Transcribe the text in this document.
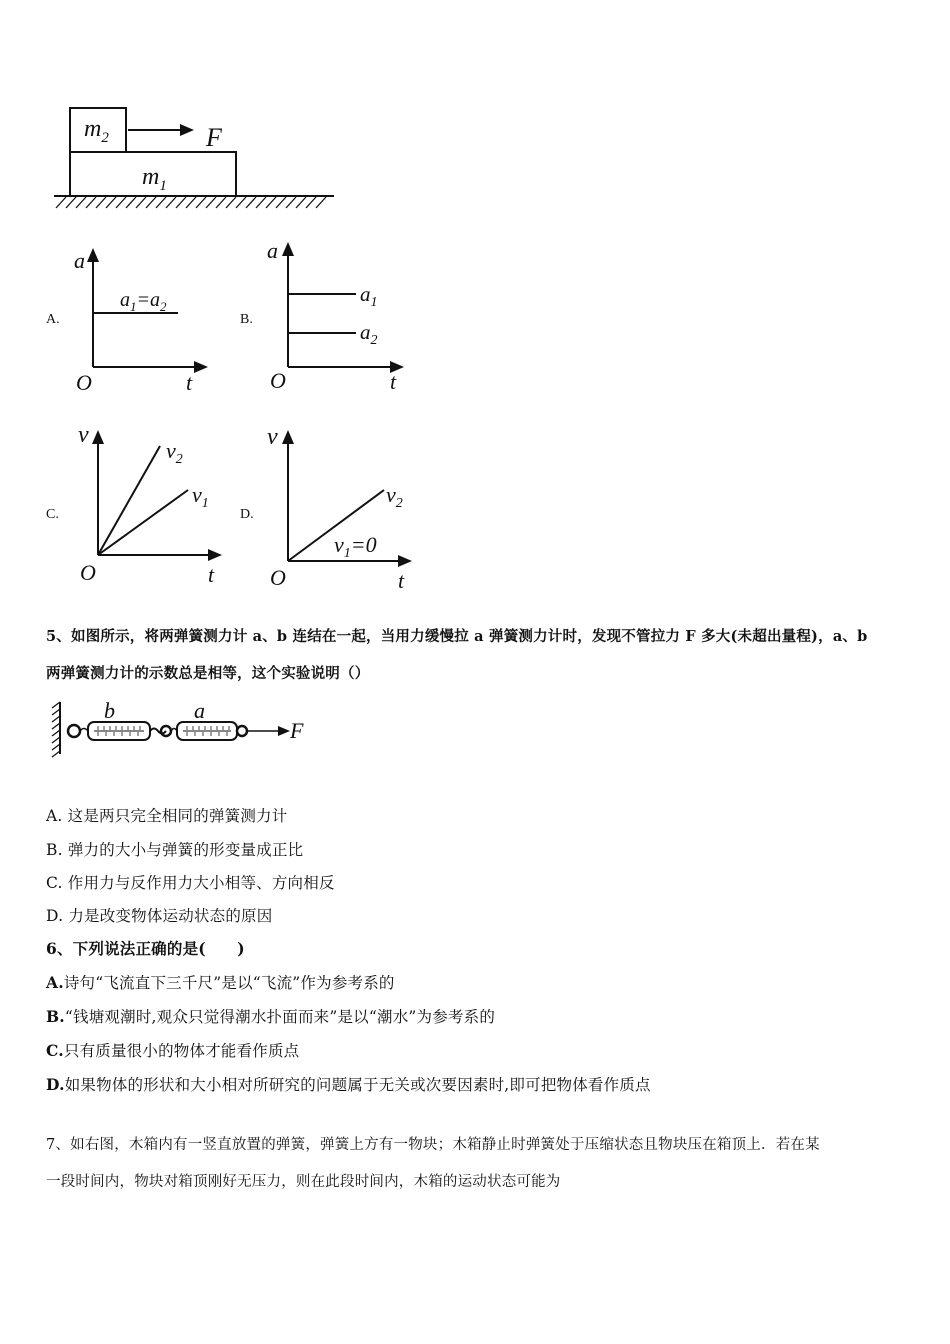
$m_2$
$m_1$
F
A.	B.
C.	D.
a
t
O
$a_1=a_2$
a
t
O
$a_1$
$a_2$
v
t
O
$v_2$
$v_1$
v
t
O
$v_2$
$v_1=0$
5、如图所示，将两弹簧测力计 a、b 连结在一起，当用力缓慢拉 a 弹簧测力计时，发现不管拉力 F 多大(未超出量程)，a、b
两弹簧测力计的示数总是相等，这个实验说明（）
b	a
F
A. 这是两只完全相同的弹簧测力计
B. 弹力的大小与弹簧的形变量成正比
C. 作用力与反作用力大小相等、方向相反
D. 力是改变物体运动状态的原因
6、下列说法正确的是(　　)
A.诗句“飞流直下三千尺”是以“飞流”作为参考系的
B.“钱塘观潮时,观众只觉得潮水扑面而来”是以“潮水”为参考系的
C.只有质量很小的物体才能看作质点
D.如果物体的形状和大小相对所研究的问题属于无关或次要因素时,即可把物体看作质点
7、如右图，木箱内有一竖直放置的弹簧，弹簧上方有一物块；木箱静止时弹簧处于压缩状态且物块压在箱顶上．若在某
一段时间内，物块对箱顶刚好无压力，则在此段时间内，木箱的运动状态可能为
